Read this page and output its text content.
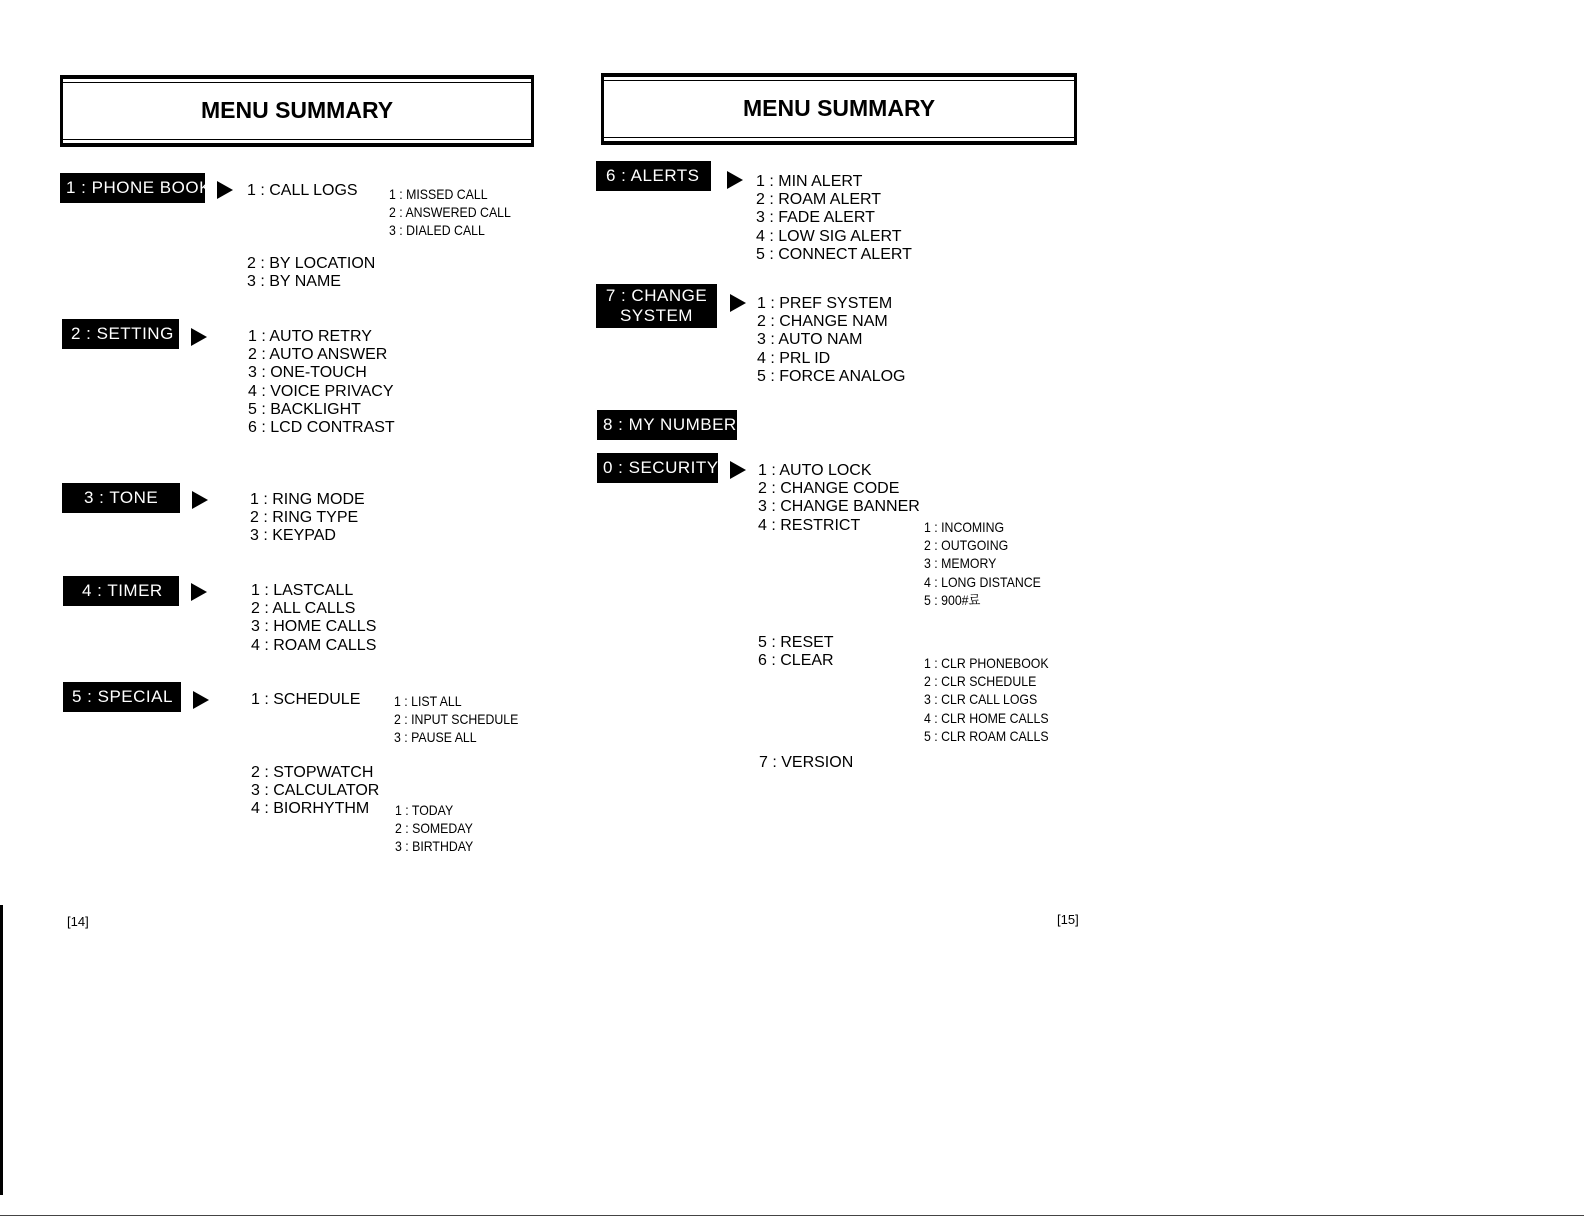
MENU SUMMARY
1 : PHONE BOOK 1 : CALL LOGS 1 : MISSED CALL
2 : ANSWERED CALL
3 : DIALED CALL
2 : BY LOCATION
3 : BY NAME
2 : SETTING	1 : AUTO RETRY
2 : AUTO ANSWER
3 : ONE-TOUCH
4 : VOICE PRIVACY
5 : BACKLIGHT
6 : LCD CONTRAST
3 : TONE	1 : RING MODE
2 : RING TYPE
3 : KEYPAD
4 : TIMER	1 : LASTCALL
2 : ALL CALLS
3 : HOME CALLS
4 : ROAM CALLS
5 : SPECIAL	1 : SCHEDULE 1 : LIST ALL
2 : INPUT SCHEDULE
3 : PAUSE ALL
2 : STOPWATCH
3 : CALCULATOR
4 : BIORHYTHM	1 : TODAY
2 : SOMEDAY
3 : BIRTHDAY
[14]
MENU SUMMARY
6 : ALERTS	1 : MIN ALERT
2 : ROAM ALERT
3 : FADE ALERT
4 : LOW SIG ALERT
5 : CONNECT ALERT
7 : CHANGE
SYSTEM
1 : PREF SYSTEM
2 : CHANGE NAM
3 : AUTO NAM
4 : PRL ID
5 : FORCE ANALOG
8 : MY NUMBER
0 : SECURITY 1 : AUTO LOCK
2 : CHANGE CODE
3 : CHANGE BANNER
4 : RESTRICT	1 : INCOMING
2 : OUTGOING
3 : MEMORY
4 : LONG DISTANCE
5 : 900#료
5 : RESET
6 : CLEAR	1 : CLR PHONEBOOK
2 : CLR SCHEDULE
3 : CLR CALL LOGS
4 : CLR HOME CALLS
5 : CLR ROAM CALLS
7 : VERSION
[15]
